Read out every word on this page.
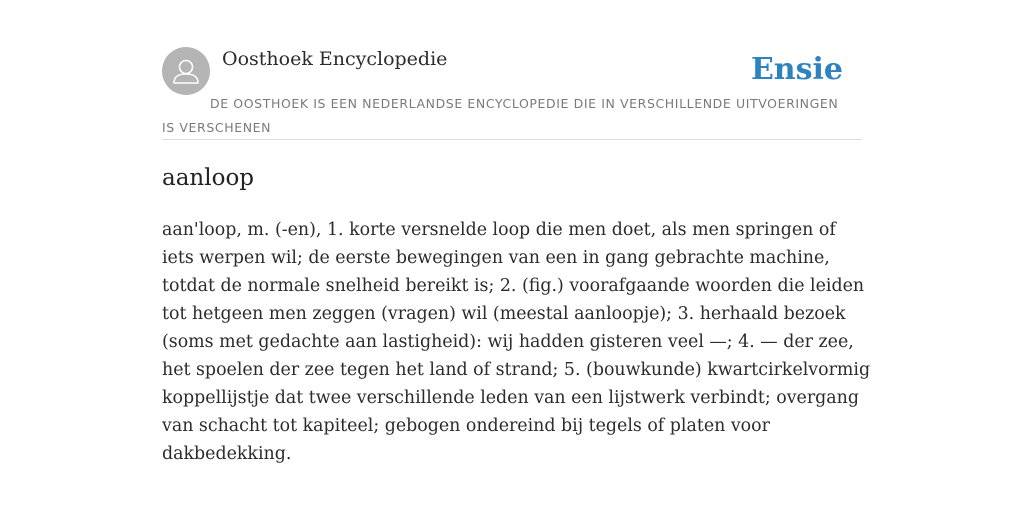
Oosthoek Encyclopedie	Ensie
DE OOSTHOEK IS EEN NEDERLANDSE ENCYCLOPEDIE DIE IN VERSCHILLENDE UITVOERINGEN IS VERSCHENEN
aanloop

aan'loop, m. (-en), 1. korte versnelde loop die men doet, als men springen of iets werpen wil; de eerste bewegingen van een in gang gebrachte machine, totdat de normale snelheid bereikt is; 2. (fig.) voorafgaande woorden die leiden tot hetgeen men zeggen (vragen) wil (meestal aanloopje); 3. herhaald bezoek (soms met gedachte aan lastigheid): wij hadden gisteren veel —; 4. — der zee, het spoelen der zee tegen het land of strand; 5. (bouwkunde) kwartcirkelvormig koppellijstje dat twee verschillende leden van een lijstwerk verbindt; overgang van schacht tot kapiteel; gebogen ondereind bij tegels of platen voor dakbedekking.
